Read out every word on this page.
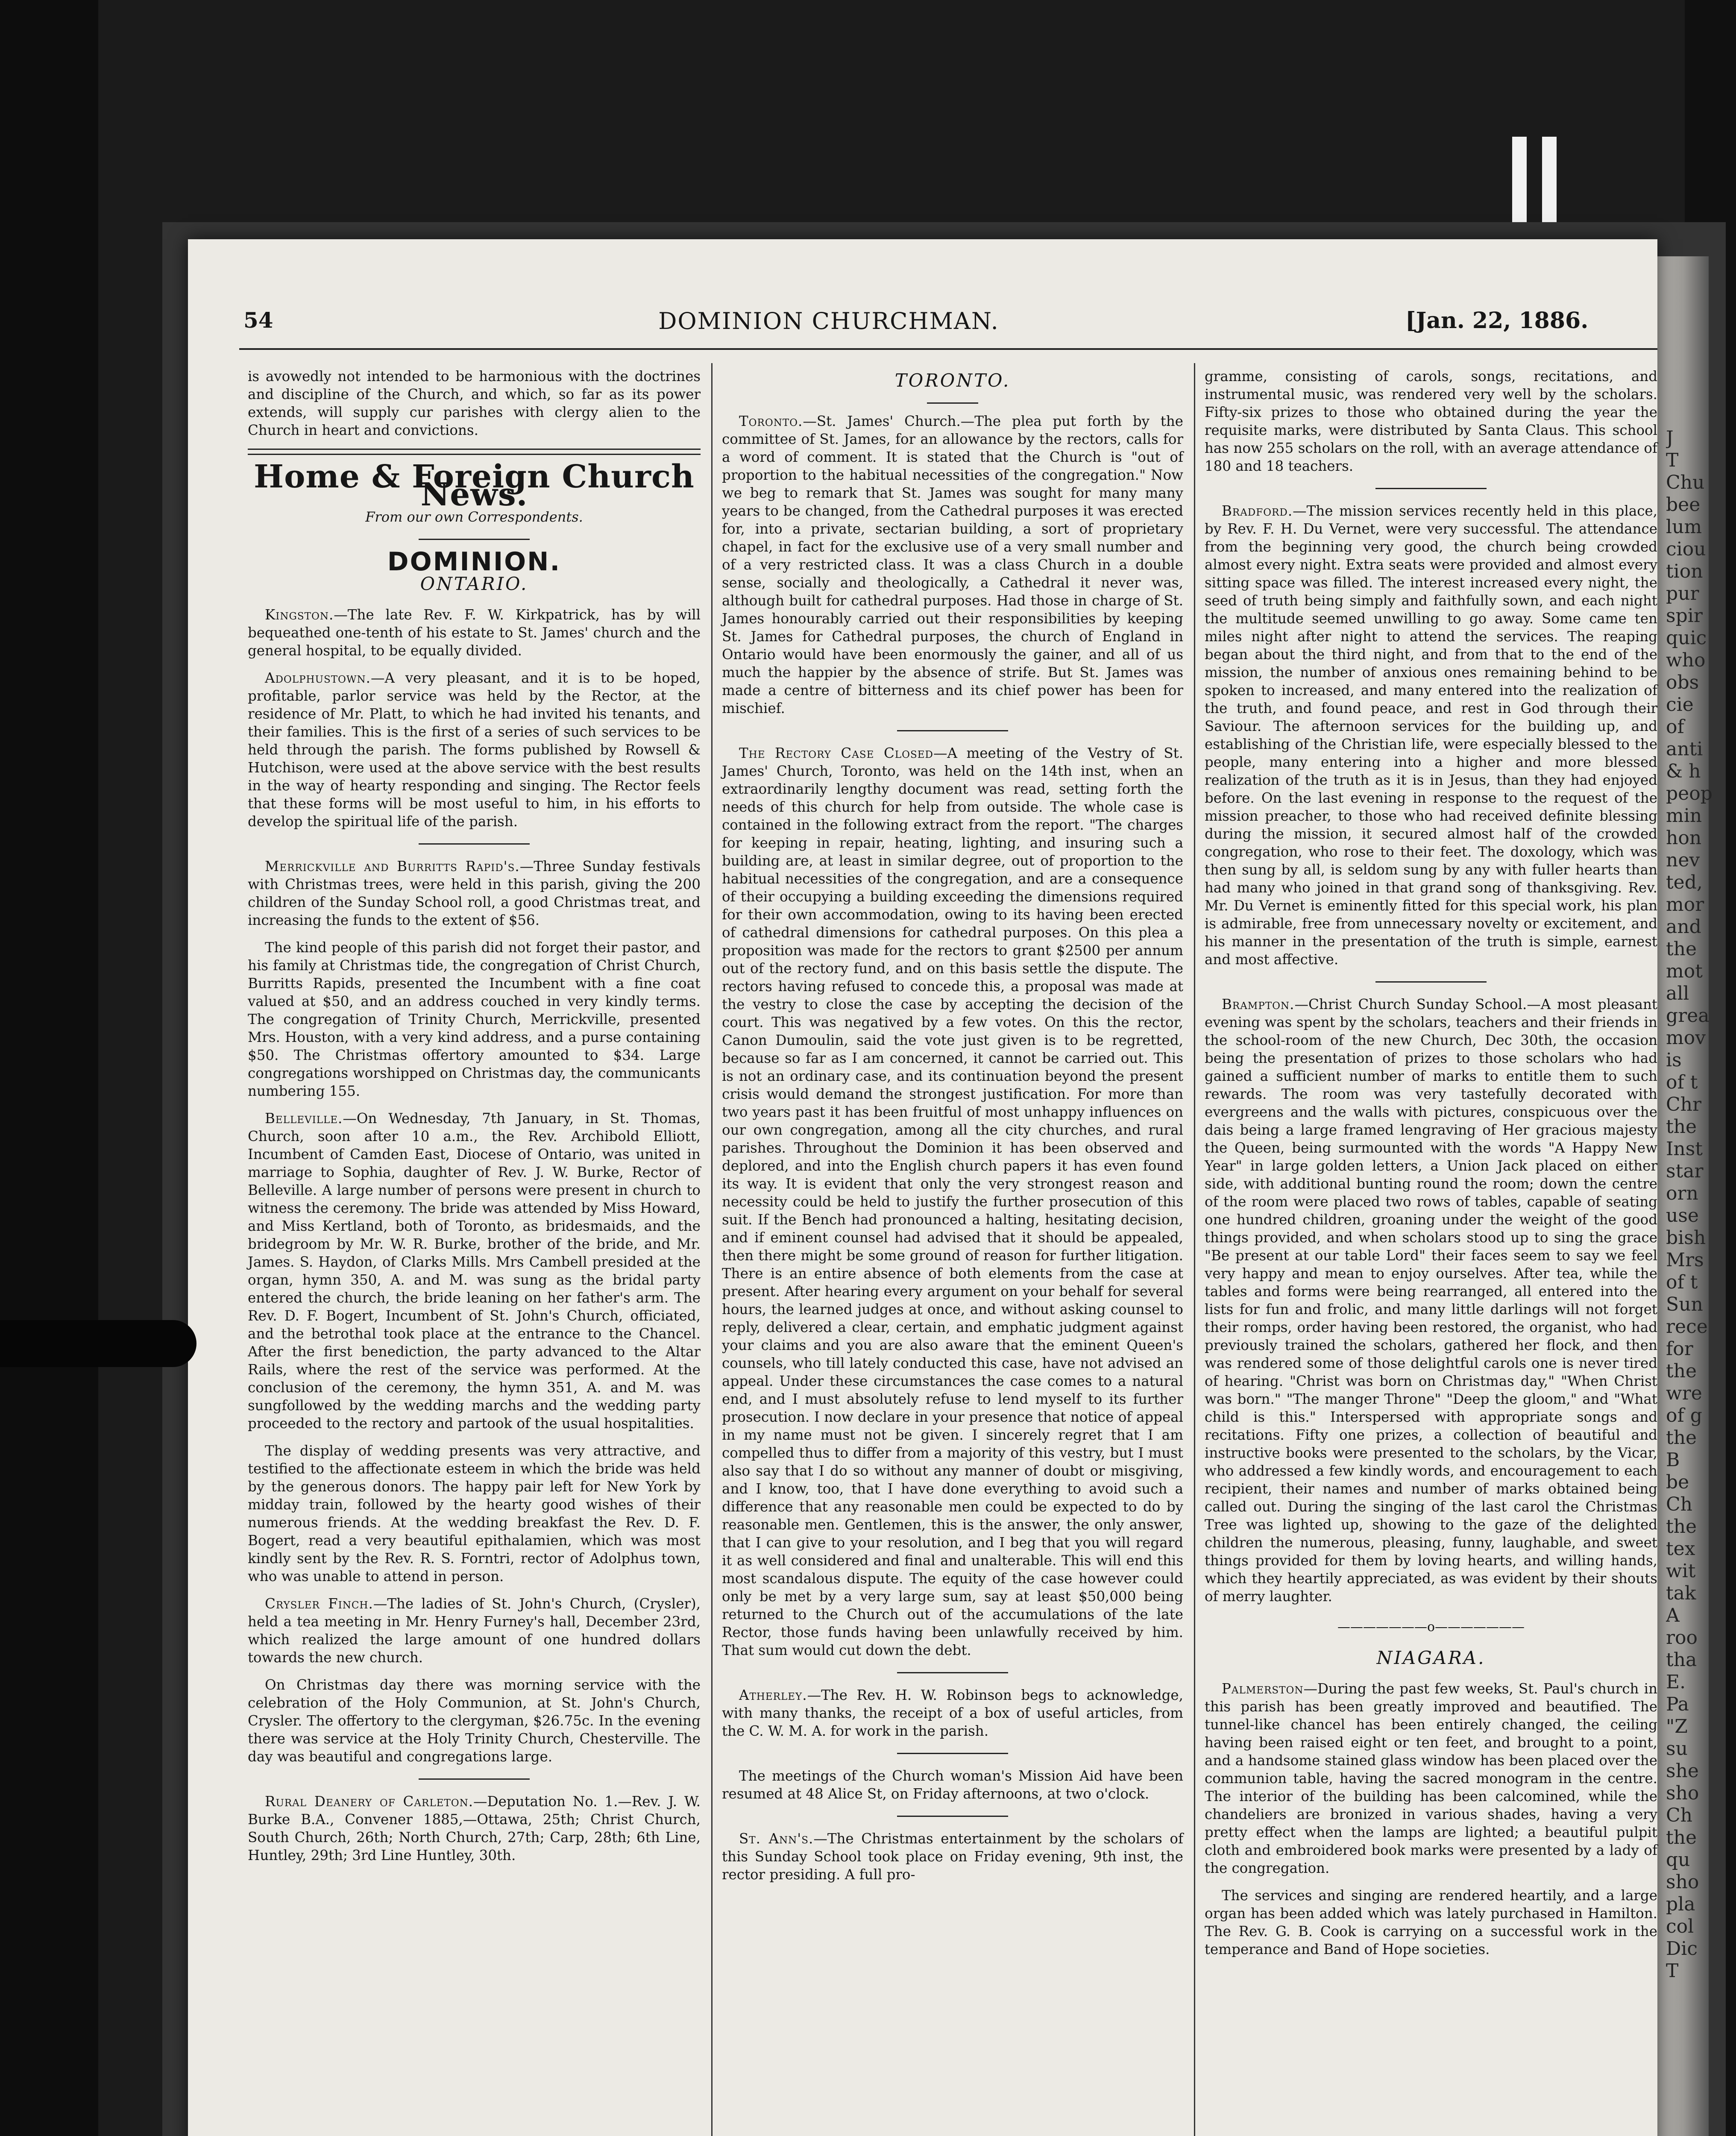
J
T
Chu
bee
lum
ciou
tion
pur
spir
quic
who
obs
cie
of
anti
& h
peop
min
hon
nev
ted,
mor
and
the
mot
all
grea
mov
is
of t
Chr
the
Inst
star
orn
use
bish
Mrs
of t
Sun
rece
for
the
wre
of g
the
B
be
Ch
the
tex
wit
tak
A
roo
tha
E.
Pa
"Z
su
she
sho
Ch
the
qu
sho
pla
col
Dic
T
54	DOMINION CHURCHMAN.	[Jan. 22, 1886.

is avowedly not intended to be harmonious with the doctrines and discipline of the Church, and which, so far as its power extends, will supply cur parishes with clergy alien to the Church in heart and convictions.

Home & Foreign Church News.
From our own Correspondents.
DOMINION.
ONTARIO.

Kingston.—The late Rev. F. W. Kirkpatrick, has by will bequeathed one-tenth of his estate to St. James' church and the general hospital, to be equally divided.

Adolphustown.—A very pleasant, and it is to be hoped, profitable, parlor service was held by the Rector, at the residence of Mr. Platt, to which he had invited his tenants, and their families. This is the first of a series of such services to be held through the parish. The forms published by Rowsell & Hutchison, were used at the above service with the best results in the way of hearty responding and singing. The Rector feels that these forms will be most useful to him, in his efforts to develop the spiritual life of the parish.

Merrickville and Burritts Rapid's.—Three Sunday festivals with Christmas trees, were held in this parish, giving the 200 children of the Sunday School roll, a good Christmas treat, and increasing the funds to the extent of $56.

The kind people of this parish did not forget their pastor, and his family at Christmas tide, the congregation of Christ Church, Burritts Rapids, presented the Incumbent with a fine coat valued at $50, and an address couched in very kindly terms. The congregation of Trinity Church, Merrickville, presented Mrs. Houston, with a very kind address, and a purse containing $50. The Christmas offertory amounted to $34. Large congregations worshipped on Christmas day, the communicants numbering 155.

Belleville.—On Wednesday, 7th January, in St. Thomas, Church, soon after 10 a.m., the Rev. Archibold Elliott, Incumbent of Camden East, Diocese of Ontario, was united in marriage to Sophia, daughter of Rev. J. W. Burke, Rector of Belleville. A large number of persons were present in church to witness the ceremony. The bride was attended by Miss Howard, and Miss Kertland, both of Toronto, as bridesmaids, and the bridegroom by Mr. W. R. Burke, brother of the bride, and Mr. James. S. Haydon, of Clarks Mills. Mrs Cambell presided at the organ, hymn 350, A. and M. was sung as the bridal party entered the church, the bride leaning on her father's arm. The Rev. D. F. Bogert, Incumbent of St. John's Church, officiated, and the betrothal took place at the entrance to the Chancel. After the first benediction, the party advanced to the Altar Rails, where the rest of the service was performed. At the conclusion of the ceremony, the hymn 351, A. and M. was sungfollowed by the wedding marchs and the wedding party proceeded to the rectory and partook of the usual hospitalities.

The display of wedding presents was very attractive, and testified to the affectionate esteem in which the bride was held by the generous donors. The happy pair left for New York by midday train, followed by the hearty good wishes of their numerous friends. At the wedding breakfast the Rev. D. F. Bogert, read a very beautiful epithalamien, which was most kindly sent by the Rev. R. S. Forntri, rector of Adolphus town, who was unable to attend in person.

Crysler Finch.—The ladies of St. John's Church, (Crysler), held a tea meeting in Mr. Henry Furney's hall, December 23rd, which realized the large amount of one hundred dollars towards the new church.

On Christmas day there was morning service with the celebration of the Holy Communion, at St. John's Church, Crysler. The offertory to the clergyman, $26.75c. In the evening there was service at the Holy Trinity Church, Chesterville. The day was beautiful and congregations large.

Rural Deanery of Carleton.—Deputation No. 1.—Rev. J. W. Burke B.A., Convener 1885,—Ottawa, 25th; Christ Church, South Church, 26th; North Church, 27th; Carp, 28th; 6th Line, Huntley, 29th; 3rd Line Huntley, 30th.

TORONTO.

Toronto.—St. James' Church.—The plea put forth by the committee of St. James, for an allowance by the rectors, calls for a word of comment. It is stated that the Church is "out of proportion to the habitual necessities of the congregation." Now we beg to remark that St. James was sought for many many years to be changed, from the Cathedral purposes it was erected for, into a private, sectarian building, a sort of proprietary chapel, in fact for the exclusive use of a very small number and of a very restricted class. It was a class Church in a double sense, socially and theologically, a Cathedral it never was, although built for cathedral purposes. Had those in charge of St. James honourably carried out their responsibilities by keeping St. James for Cathedral purposes, the church of England in Ontario would have been enormously the gainer, and all of us much the happier by the absence of strife. But St. James was made a centre of bitterness and its chief power has been for mischief.

The Rectory Case Closed—A meeting of the Vestry of St. James' Church, Toronto, was held on the 14th inst, when an extraordinarily lengthy document was read, setting forth the needs of this church for help from outside. The whole case is contained in the following extract from the report. "The charges for keeping in repair, heating, lighting, and insuring such a building are, at least in similar degree, out of proportion to the habitual necessities of the congregation, and are a consequence of their occupying a building exceeding the dimensions required for their own accommodation, owing to its having been erected of cathedral dimensions for cathedral purposes. On this plea a proposition was made for the rectors to grant $2500 per annum out of the rectory fund, and on this basis settle the dispute. The rectors having refused to concede this, a proposal was made at the vestry to close the case by accepting the decision of the court. This was negatived by a few votes. On this the rector, Canon Dumoulin, said the vote just given is to be regretted, because so far as I am concerned, it cannot be carried out. This is not an ordinary case, and its continuation beyond the present crisis would demand the strongest justification. For more than two years past it has been fruitful of most unhappy influences on our own congregation, among all the city churches, and rural parishes. Throughout the Dominion it has been observed and deplored, and into the English church papers it has even found its way. It is evident that only the very strongest reason and necessity could be held to justify the further prosecution of this suit. If the Bench had pronounced a halting, hesitating decision, and if eminent counsel had advised that it should be appealed, then there might be some ground of reason for further litigation. There is an entire absence of both elements from the case at present. After hearing every argument on your behalf for several hours, the learned judges at once, and without asking counsel to reply, delivered a clear, certain, and emphatic judgment against your claims and you are also aware that the eminent Queen's counsels, who till lately conducted this case, have not advised an appeal. Under these circumstances the case comes to a natural end, and I must absolutely refuse to lend myself to its further prosecution. I now declare in your presence that notice of appeal in my name must not be given. I sincerely regret that I am compelled thus to differ from a majority of this vestry, but I must also say that I do so without any manner of doubt or misgiving, and I know, too, that I have done everything to avoid such a difference that any reasonable men could be expected to do by reasonable men. Gentlemen, this is the answer, the only answer, that I can give to your resolution, and I beg that you will regard it as well considered and final and unalterable. This will end this most scandalous dispute. The equity of the case however could only be met by a very large sum, say at least $50,000 being returned to the Church out of the accumulations of the late Rector, those funds having been unlawfully received by him. That sum would cut down the debt.

Atherley.—The Rev. H. W. Robinson begs to acknowledge, with many thanks, the receipt of a box of useful articles, from the C. W. M. A. for work in the parish.

The meetings of the Church woman's Mission Aid have been resumed at 48 Alice St, on Friday afternoons, at two o'clock.

St. Ann's.—The Christmas entertainment by the scholars of this Sunday School took place on Friday evening, 9th inst, the rector presiding. A full pro-

gramme, consisting of carols, songs, recitations, and instrumental music, was rendered very well by the scholars. Fifty-six prizes to those who obtained during the year the requisite marks, were distributed by Santa Claus. This school has now 255 scholars on the roll, with an average attendance of 180 and 18 teachers.

Bradford.—The mission services recently held in this place, by Rev. F. H. Du Vernet, were very successful. The attendance from the beginning very good, the church being crowded almost every night. Extra seats were provided and almost every sitting space was filled. The interest increased every night, the seed of truth being simply and faithfully sown, and each night the multitude seemed unwilling to go away. Some came ten miles night after night to attend the services. The reaping began about the third night, and from that to the end of the mission, the number of anxious ones remaining behind to be spoken to increased, and many entered into the realization of the truth, and found peace, and rest in God through their Saviour. The afternoon services for the building up, and establishing of the Christian life, were especially blessed to the people, many entering into a higher and more blessed realization of the truth as it is in Jesus, than they had enjoyed before. On the last evening in response to the request of the mission preacher, to those who had received definite blessing during the mission, it secured almost half of the crowded congregation, who rose to their feet. The doxology, which was then sung by all, is seldom sung by any with fuller hearts than had many who joined in that grand song of thanksgiving. Rev. Mr. Du Vernet is eminently fitted for this special work, his plan is admirable, free from unnecessary novelty or excitement, and his manner in the presentation of the truth is simple, earnest and most affective.

Brampton.—Christ Church Sunday School.—A most pleasant evening was spent by the scholars, teachers and their friends in the school-room of the new Church, Dec 30th, the occasion being the presentation of prizes to those scholars who had gained a sufficient number of marks to entitle them to such rewards. The room was very tastefully decorated with evergreens and the walls with pictures, conspicuous over the dais being a large framed lengraving of Her gracious majesty the Queen, being surmounted with the words "A Happy New Year" in large golden letters, a Union Jack placed on either side, with additional bunting round the room; down the centre of the room were placed two rows of tables, capable of seating one hundred children, groaning under the weight of the good things provided, and when scholars stood up to sing the grace "Be present at our table Lord" their faces seem to say we feel very happy and mean to enjoy ourselves. After tea, while the tables and forms were being rearranged, all entered into the lists for fun and frolic, and many little darlings will not forget their romps, order having been restored, the organist, who had previously trained the scholars, gathered her flock, and then was rendered some of those delightful carols one is never tired of hearing. "Christ was born on Christmas day," "When Christ was born." "The manger Throne" "Deep the gloom," and "What child is this." Interspersed with appropriate songs and recitations. Fifty one prizes, a collection of beautiful and instructive books were presented to the scholars, by the Vicar, who addressed a few kindly words, and encouragement to each recipient, their names and number of marks obtained being called out. During the singing of the last carol the Christmas Tree was lighted up, showing to the gaze of the delighted children the numerous, pleasing, funny, laughable, and sweet things provided for them by loving hearts, and willing hands, which they heartily appreciated, as was evident by their shouts of merry laughter.

———————o———————
NIAGARA.

Palmerston—During the past few weeks, St. Paul's church in this parish has been greatly improved and beautified. The tunnel-like chancel has been entirely changed, the ceiling having been raised eight or ten feet, and brought to a point, and a handsome stained glass window has been placed over the communion table, having the sacred monogram in the centre. The interior of the building has been calcomined, while the chandeliers are bronized in various shades, having a very pretty effect when the lamps are lighted; a beautiful pulpit cloth and embroidered book marks were presented by a lady of the congregation.

The services and singing are rendered heartily, and a large organ has been added which was lately purchased in Hamilton. The Rev. G. B. Cook is carrying on a successful work in the temperance and Band of Hope societies.
